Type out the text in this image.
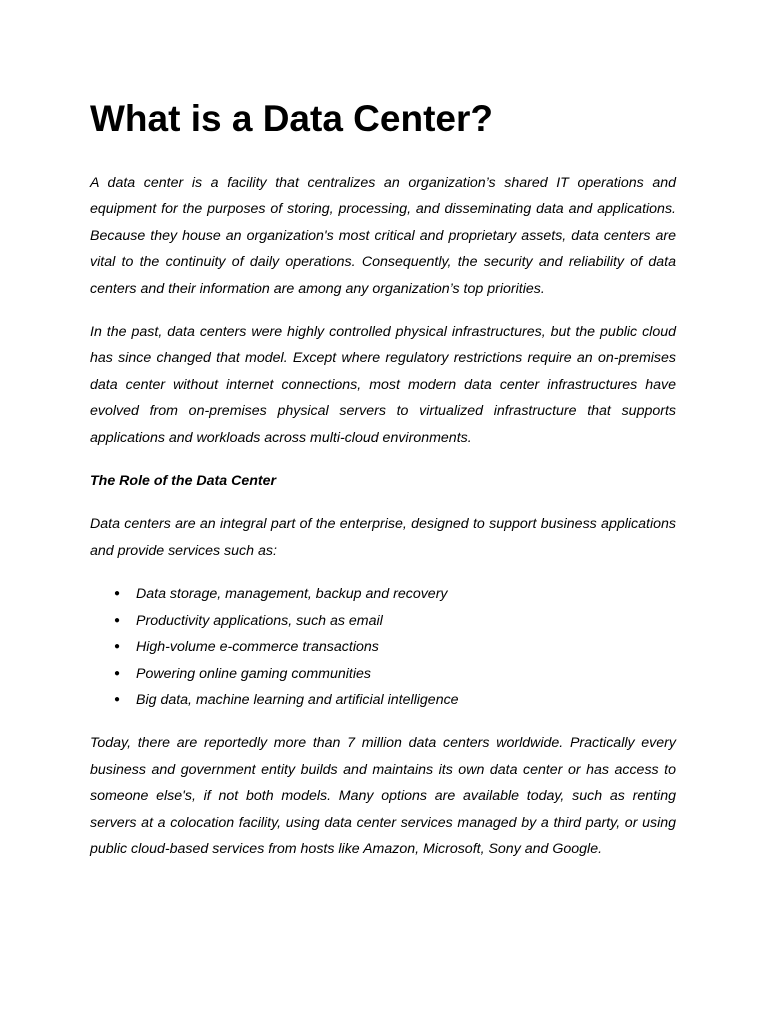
What is a Data Center?

A data center is a facility that centralizes an organization’s shared IT operations and equipment for the purposes of storing, processing, and disseminating data and applications. Because they house an organization's most critical and proprietary assets, data centers are vital to the continuity of daily operations. Consequently, the security and reliability of data centers and their information are among any organization’s top priorities.

In the past, data centers were highly controlled physical infrastructures, but the public cloud has since changed that model. Except where regulatory restrictions require an on-premises data center without internet connections, most modern data center infrastructures have evolved from on-premises physical servers to virtualized infrastructure that supports applications and workloads across multi-cloud environments.

The Role of the Data Center

Data centers are an integral part of the enterprise, designed to support business applications and provide services such as:

● Data storage, management, backup and recovery
● Productivity applications, such as email
● High-volume e-commerce transactions
● Powering online gaming communities
● Big data, machine learning and artificial intelligence

Today, there are reportedly more than 7 million data centers worldwide. Practically every business and government entity builds and maintains its own data center or has access to someone else's, if not both models. Many options are available today, such as renting servers at a colocation facility, using data center services managed by a third party, or using public cloud-based services from hosts like Amazon, Microsoft, Sony and Google.
